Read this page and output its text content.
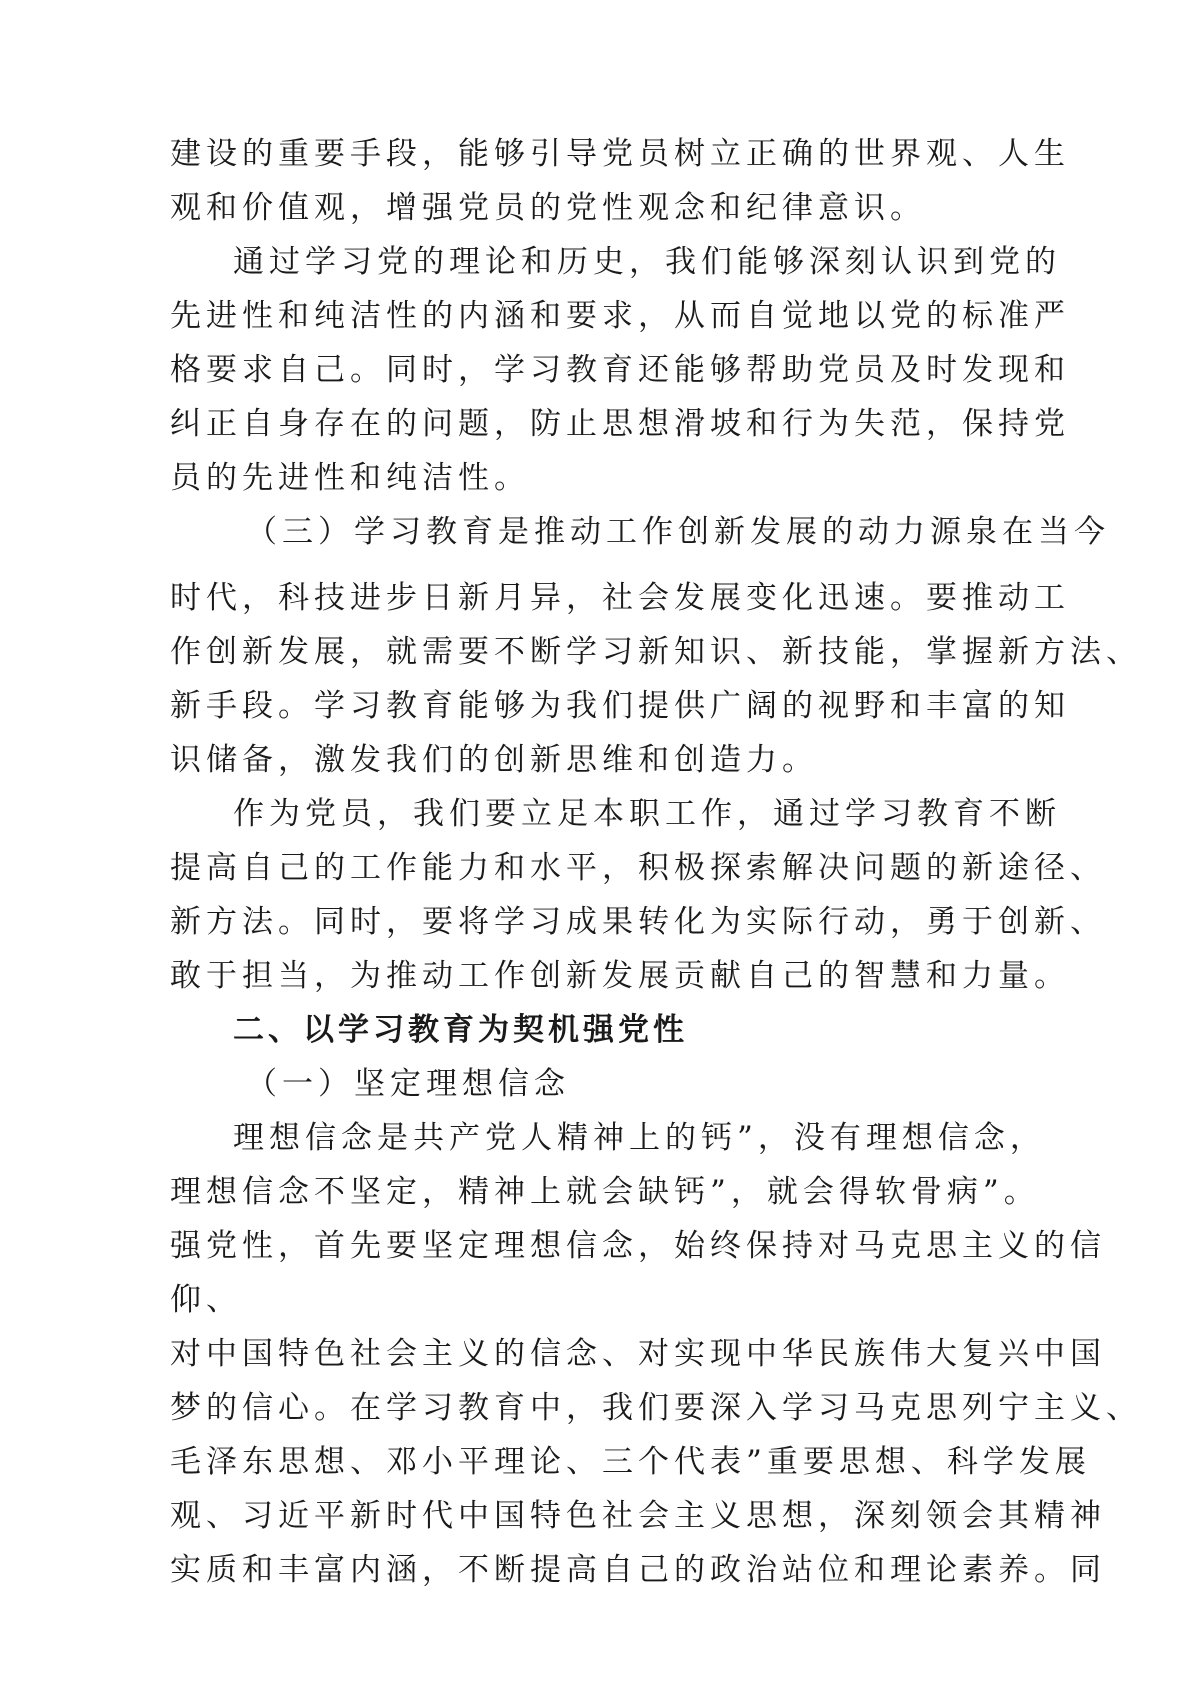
建设的重要手段，能够引导党员树立正确的世界观、人生
观和价值观，增强党员的党性观念和纪律意识。
通过学习党的理论和历史，我们能够深刻认识到党的
先进性和纯洁性的内涵和要求，从而自觉地以党的标准严
格要求自己。同时，学习教育还能够帮助党员及时发现和
纠正自身存在的问题，防止思想滑坡和行为失范，保持党
员的先进性和纯洁性。
（三）学习教育是推动工作创新发展的动力源泉在当今
时代，科技进步日新月异，社会发展变化迅速。要推动工
作创新发展，就需要不断学习新知识、新技能，掌握新方法、
新手段。学习教育能够为我们提供广阔的视野和丰富的知
识储备，激发我们的创新思维和创造力。
作为党员，我们要立足本职工作，通过学习教育不断
提高自己的工作能力和水平，积极探索解决问题的新途径、
新方法。同时，要将学习成果转化为实际行动，勇于创新、
敢于担当，为推动工作创新发展贡献自己的智慧和力量。
二、以学习教育为契机强党性
（一）坚定理想信念
理想信念是共产党人精神上的钙”，没有理想信念，
理想信念不坚定，精神上就会缺钙”，就会得软骨病”。
强党性，首先要坚定理想信念，始终保持对马克思主义的信
仰、
对中国特色社会主义的信念、对实现中华民族伟大复兴中国
梦的信心。在学习教育中，我们要深入学习马克思列宁主义、
毛泽东思想、邓小平理论、三个代表”重要思想、科学发展
观、习近平新时代中国特色社会主义思想，深刻领会其精神
实质和丰富内涵，不断提高自己的政治站位和理论素养。同
